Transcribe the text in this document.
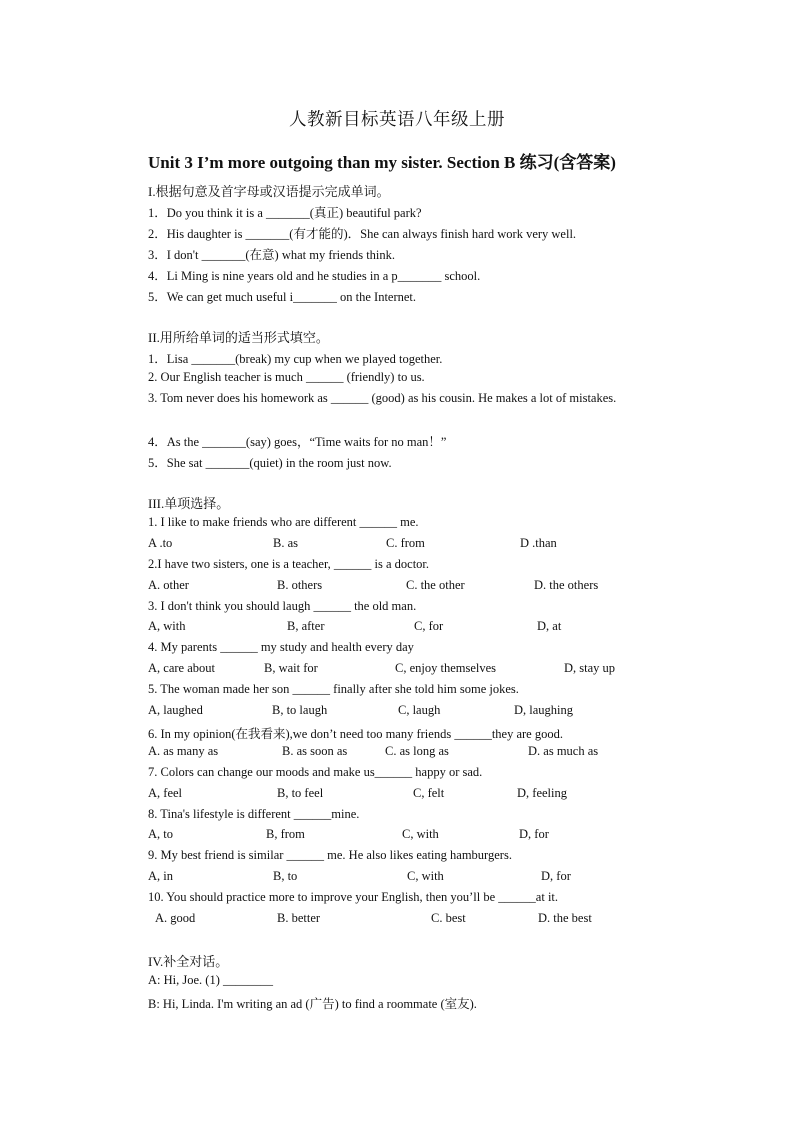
人教新目标英语八年级上册
Unit 3 I’m more outgoing than my sister. Section B 练习(含答案)
I.根据句意及首字母或汉语提示完成单词。
1．Do you think it is a _______(真正) beautiful park?
2．His daughter is _______(有才能的)．She can always finish hard work very well.
3．I don't _______(在意) what my friends think.
4．Li Ming is nine years old and he studies in a p_______ school.
5．We can get much useful i_______ on the Internet.
II.用所给单词的适当形式填空。
1．Lisa _______(break) my cup when we played together.
2. Our English teacher is much ______ (friendly) to us.
3. Tom never does his homework as ______ (good) as his cousin. He makes a lot of mistakes.
4．As the _______(say) goes，“Time waits for no man！”
5．She sat _______(quiet) in the room just now.
III.单项选择。
1. I like to make friends who are different ______ me.
A .to	B. as	C. from	D .than
2.I have two sisters, one is a teacher, ______ is a doctor.
A. other	B. others	C. the other	D. the others
3. I don't think you should laugh ______ the old man.
A, with	B, after	C, for	D, at
4. My parents ______ my study and health every day
A, care about	B, wait for	C, enjoy themselves	D, stay up
5. The woman made her son ______ finally after she told him some jokes.
A, laughed	B, to laugh	C, laugh	D, laughing
6. In my opinion(在我看来),we don’t need too many friends ______they are good.
A. as many as	B. as soon as	C. as long as	D. as much as
7. Colors can change our moods and make us______ happy or sad.
A, feel	B, to feel	C, felt	D, feeling
8. Tina's lifestyle is different ______mine.
A, to	B, from	C, with	D, for
9. My best friend is similar ______ me. He also likes eating hamburgers.
A, in	B, to	C, with	D, for
10. You should practice more to improve your English, then you’ll be ______at it.
A. good	B. better	C. best	D. the best
IV.补全对话。
A: Hi, Joe. (1) ________
B: Hi, Linda. I'm writing an ad (广告) to find a roommate (室友).
